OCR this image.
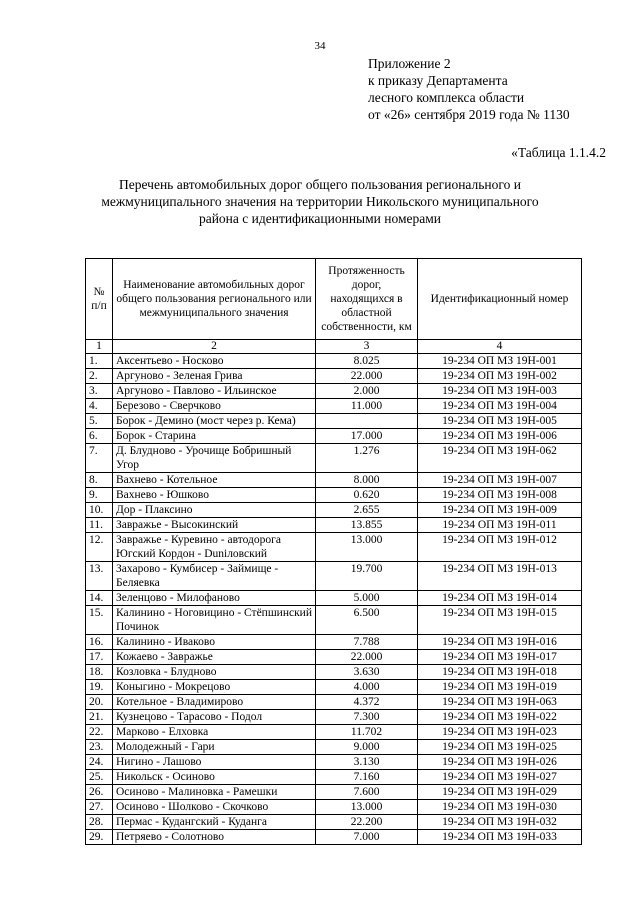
34
Приложение 2
к приказу Департамента
лесного комплекса области
от «26» сентября 2019 года № 1130
«Таблица 1.1.4.2
Перечень автомобильных дорог общего пользования регионального и
межмуниципального значения на территории Никольского муниципального
района с идентификационными номерами
№ п/п	Наименование автомобильных дорог общего пользования регионального или межмуниципального значения	Протяженность дорог, находящихся в областной собственности, км	Идентификационный номер
1	2	3	4
1.	Аксентьево - Носково	8.025	19-234 ОП МЗ 19Н-001
2.	Аргуново - Зеленая Грива	22.000	19-234 ОП МЗ 19Н-002
3.	Аргуново - Павлово - Ильинское	2.000	19-234 ОП МЗ 19Н-003
4.	Березово - Сверчково	11.000	19-234 ОП МЗ 19Н-004
5.	Борок - Демино (мост через р. Кема)		19-234 ОП МЗ 19Н-005
6.	Борок - Старина	17.000	19-234 ОП МЗ 19Н-006
7.	Д. Блудново - Урочище Бобришный Угор	1.276	19-234 ОП МЗ 19Н-062
8.	Вахнево - Котельное	8.000	19-234 ОП МЗ 19Н-007
9.	Вахнево - Юшково	0.620	19-234 ОП МЗ 19Н-008
10.	Дор - Плаксино	2.655	19-234 ОП МЗ 19Н-009
11.	Завражье - Высокинский	13.855	19-234 ОП МЗ 19Н-011
12.	Завражье - Куревино - автодорога Югский Кордон - Duniловский	13.000	19-234 ОП МЗ 19Н-012
13.	Захарово - Кумбисер - Займище - Беляевка	19.700	19-234 ОП МЗ 19Н-013
14.	Зеленцово - Милофаново	5.000	19-234 ОП МЗ 19Н-014
15.	Калинино - Ноговицино - Стёпшинский Починок	6.500	19-234 ОП МЗ 19Н-015
16.	Калинино - Иваково	7.788	19-234 ОП МЗ 19Н-016
17.	Кожаево - Завражье	22.000	19-234 ОП МЗ 19Н-017
18.	Козловка - Блудново	3.630	19-234 ОП МЗ 19Н-018
19.	Коныгино - Мокрецово	4.000	19-234 ОП МЗ 19Н-019
20.	Котельное - Владимирово	4.372	19-234 ОП МЗ 19Н-063
21.	Кузнецово - Тарасово - Подол	7.300	19-234 ОП МЗ 19Н-022
22.	Марково - Елховка	11.702	19-234 ОП МЗ 19Н-023
23.	Молодежный - Гари	9.000	19-234 ОП МЗ 19Н-025
24.	Нигино - Лашово	3.130	19-234 ОП МЗ 19Н-026
25.	Никольск - Осиново	7.160	19-234 ОП МЗ 19Н-027
26.	Осиново - Малиновка - Рамешки	7.600	19-234 ОП МЗ 19Н-029
27.	Осиново - Шолково - Скочково	13.000	19-234 ОП МЗ 19Н-030
28.	Пермас - Кудангский - Куданга	22.200	19-234 ОП МЗ 19Н-032
29.	Петряево - Солотново	7.000	19-234 ОП МЗ 19Н-033
